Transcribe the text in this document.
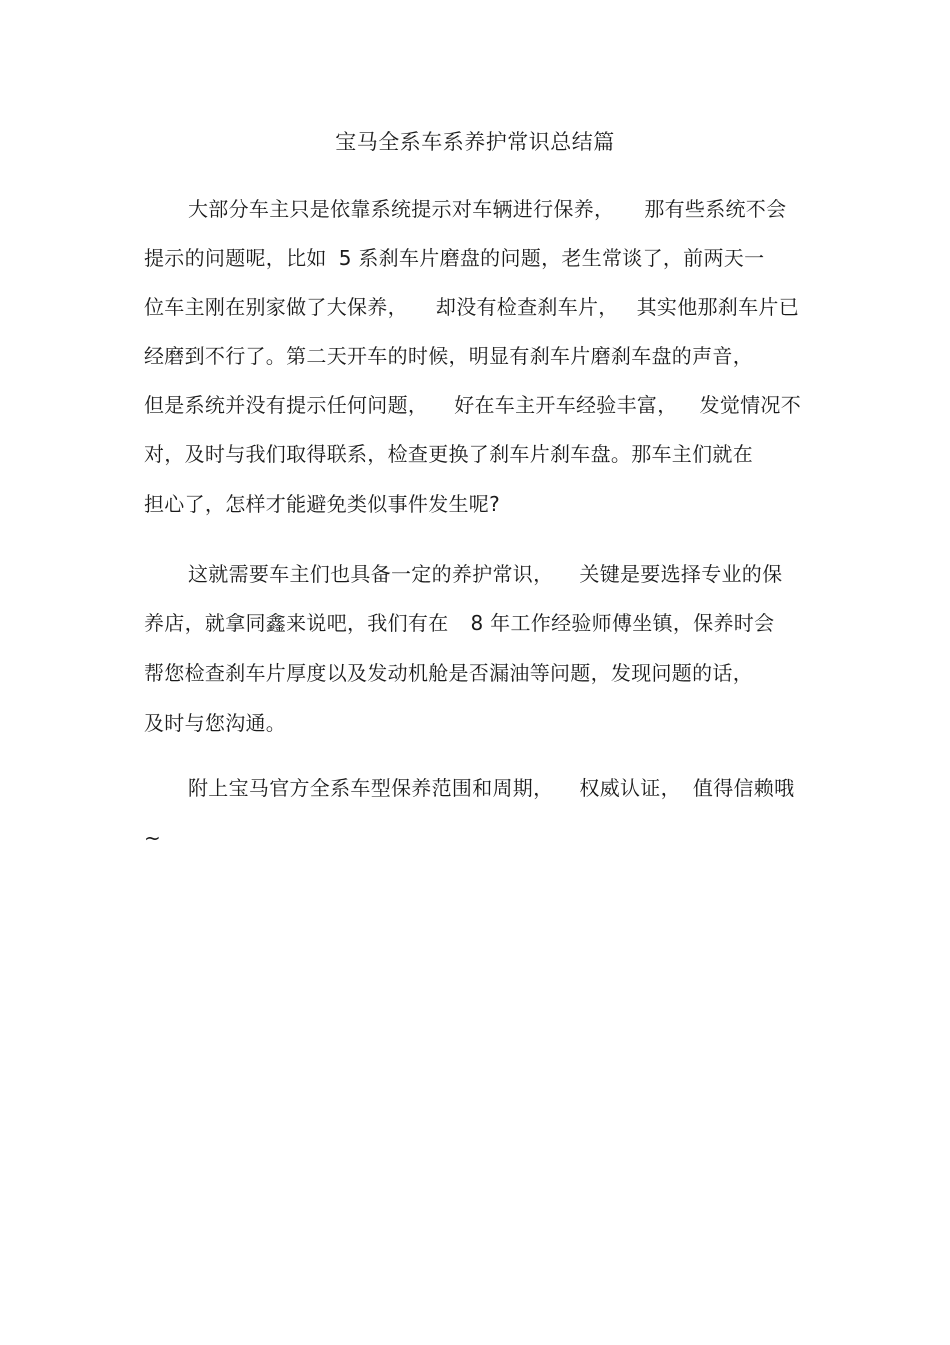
宝马全系车系养护常识总结篇
大部分车主只是依靠系统提示对车辆进行保养， 那有些系统不会
提示的问题呢，比如 5 系刹车片磨盘的问题，老生常谈了，前两天一
位车主刚在别家做了大保养， 却没有检查刹车片， 其实他那刹车片已
经磨到不行了。第二天开车的时候，明显有刹车片磨刹车盘的声音，
但是系统并没有提示任何问题， 好在车主开车经验丰富， 发觉情况不
对，及时与我们取得联系，检查更换了刹车片刹车盘。那车主们就在
担心了，怎样才能避免类似事件发生呢?
这就需要车主们也具备一定的养护常识， 关键是要选择专业的保
养店，就拿同鑫来说吧，我们有在 8 年工作经验师傅坐镇，保养时会
帮您检查刹车片厚度以及发动机舱是否漏油等问题，发现问题的话，
及时与您沟通。
附上宝马官方全系车型保养范围和周期， 权威认证， 值得信赖哦
~
